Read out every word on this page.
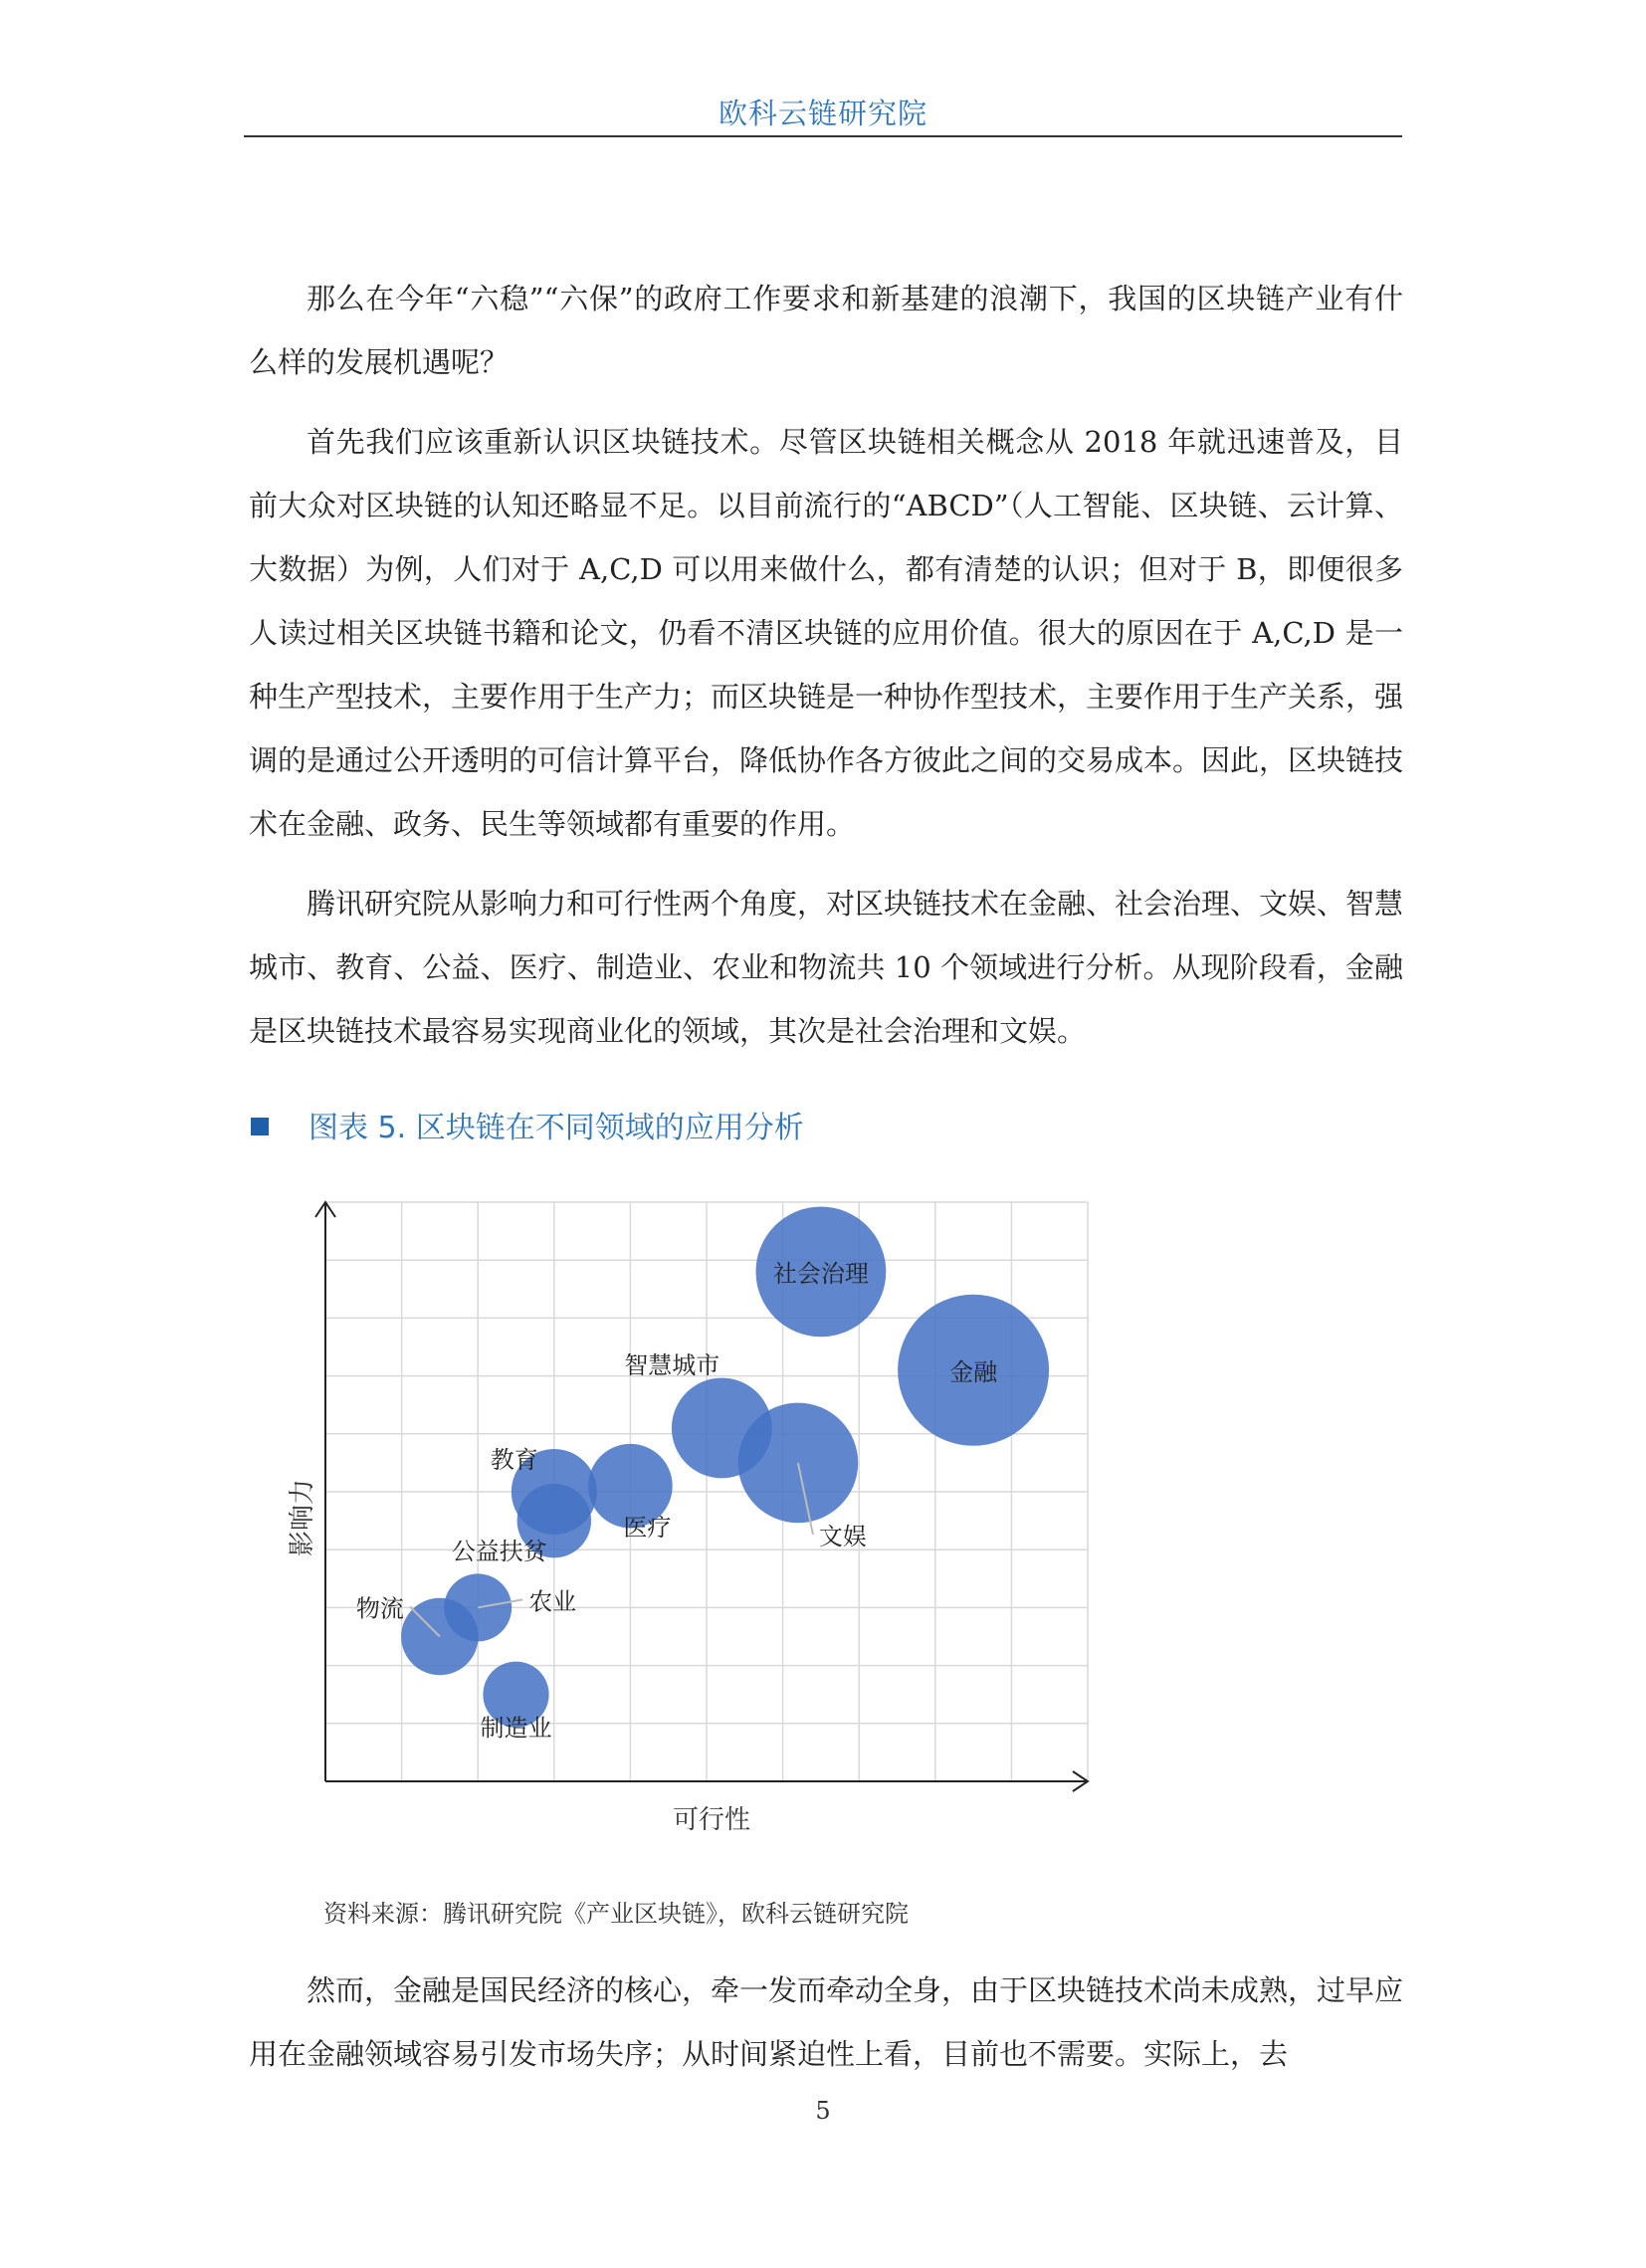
欧科云链研究院

那么在今年“六稳”“六保”的政府工作要求和新基建的浪潮下，我国的区块链产业有什么样的发展机遇呢？

首先我们应该重新认识区块链技术。尽管区块链相关概念从 2018 年就迅速普及，目前大众对区块链的认知还略显不足。以目前流行的“ABCD”（人工智能、区块链、云计算、大数据）为例，人们对于 A,C,D 可以用来做什么，都有清楚的认识；但对于 B，即便很多人读过相关区块链书籍和论文，仍看不清区块链的应用价值。很大的原因在于 A,C,D 是一种生产型技术，主要作用于生产力；而区块链是一种协作型技术，主要作用于生产关系，强调的是通过公开透明的可信计算平台，降低协作各方彼此之间的交易成本。因此，区块链技术在金融、政务、民生等领域都有重要的作用。

腾讯研究院从影响力和可行性两个角度，对区块链技术在金融、社会治理、文娱、智慧城市、教育、公益、医疗、制造业、农业和物流共 10 个领域进行分析。从现阶段看，金融是区块链技术最容易实现商业化的领域，其次是社会治理和文娱。

图表 5. 区块链在不同领域的应用分析
金融
社会治理
文娱
智慧城市
教育
医疗
物流
公益扶贫
农业
制造业
可行性
影响力
资料来源：腾讯研究院《产业区块链》，欧科云链研究院

然而，金融是国民经济的核心，牵一发而牵动全身，由于区块链技术尚未成熟，过早应用在金融领域容易引发市场失序；从时间紧迫性上看，目前也不需要。实际上，去

5
